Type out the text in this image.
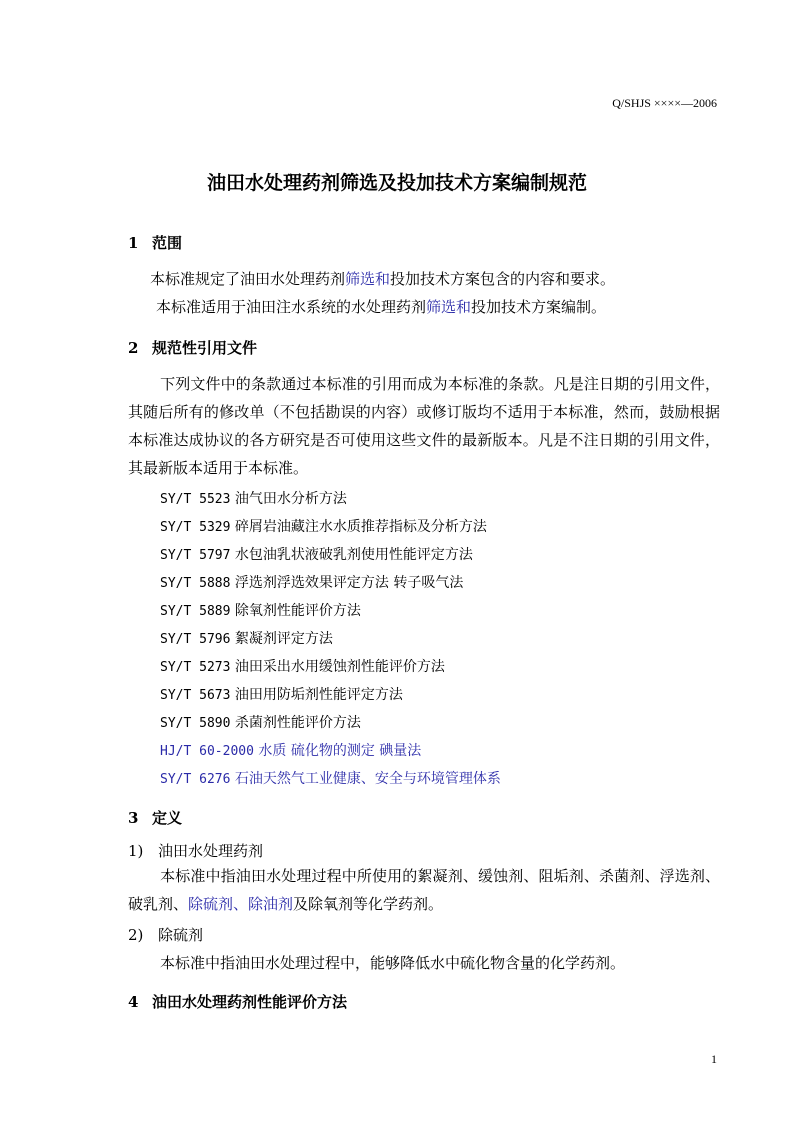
Q/SHJS ××××—2006
油田水处理药剂筛选及投加技术方案编制规范
1 范围
本标准规定了油田水处理药剂筛选和投加技术方案包含的内容和要求。
本标准适用于油田注水系统的水处理药剂筛选和投加技术方案编制。
2 规范性引用文件
下列文件中的条款通过本标准的引用而成为本标准的条款。凡是注日期的引用文件，其随后所有的修改单（不包括勘误的内容）或修订版均不适用于本标准，然而，鼓励根据本标准达成协议的各方研究是否可使用这些文件的最新版本。凡是不注日期的引用文件，其最新版本适用于本标准。
SY/T 5523 油气田水分析方法
SY/T 5329 碎屑岩油藏注水水质推荐指标及分析方法
SY/T 5797 水包油乳状液破乳剂使用性能评定方法
SY/T 5888 浮选剂浮选效果评定方法 转子吸气法
SY/T 5889 除氧剂性能评价方法
SY/T 5796 絮凝剂评定方法
SY/T 5273 油田采出水用缓蚀剂性能评价方法
SY/T 5673 油田用防垢剂性能评定方法
SY/T 5890 杀菌剂性能评价方法
HJ/T 60-2000 水质 硫化物的测定 碘量法
SY/T 6276 石油天然气工业健康、安全与环境管理体系
3 定义
1) 油田水处理药剂
本标准中指油田水处理过程中所使用的絮凝剂、缓蚀剂、阻垢剂、杀菌剂、浮选剂、破乳剂、除硫剂、除油剂及除氧剂等化学药剂。
2) 除硫剂
本标准中指油田水处理过程中，能够降低水中硫化物含量的化学药剂。
4 油田水处理药剂性能评价方法
1
